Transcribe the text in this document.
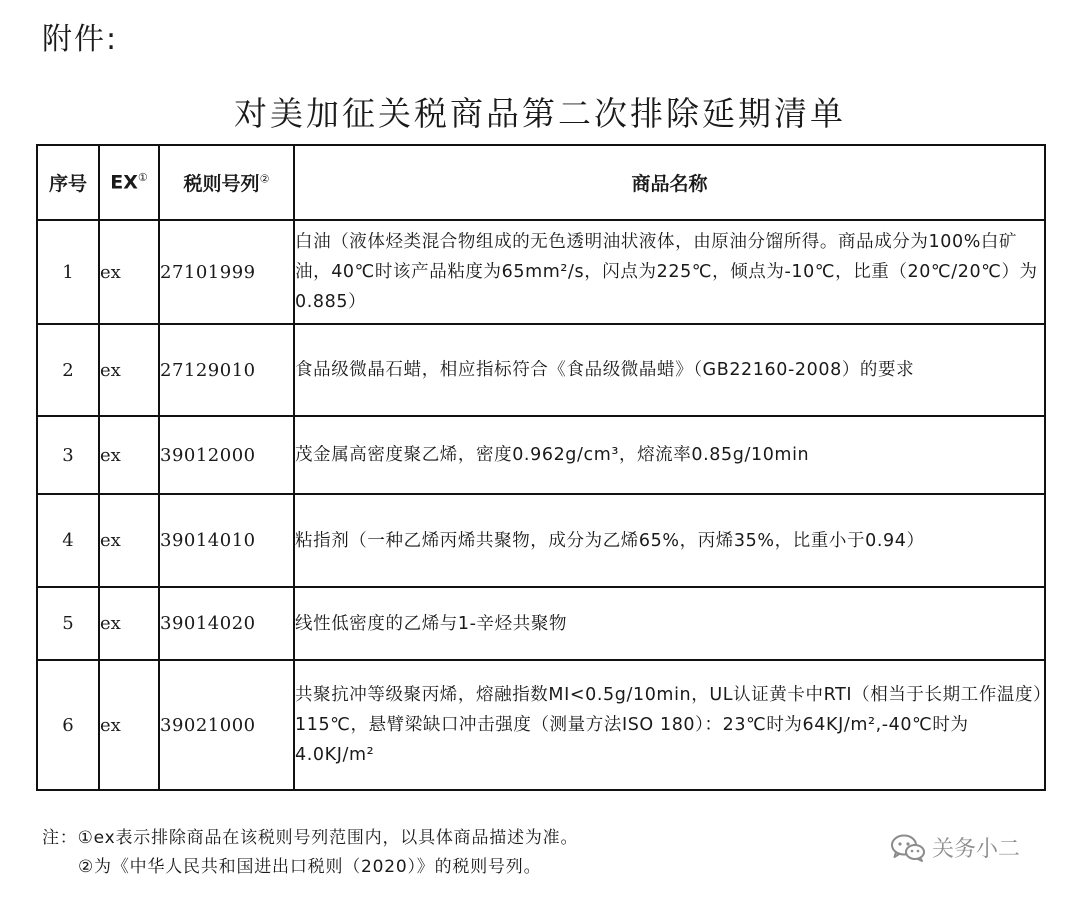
附件:
对美加征关税商品第二次排除延期清单
序号	EX①	税则号列②	商品名称
1	ex	27101999	白油（液体烃类混合物组成的无色透明油状液体，由原油分馏所得。商品成分为100%白矿油，40℃时该产品粘度为65mm²/s，闪点为225℃，倾点为-10℃，比重（20℃/20℃）为0.885）
2	ex	27129010	食品级微晶石蜡，相应指标符合《食品级微晶蜡》（GB22160-2008）的要求
3	ex	39012000	茂金属高密度聚乙烯，密度0.962g/cm³，熔流率0.85g/10min
4	ex	39014010	粘指剂（一种乙烯丙烯共聚物，成分为乙烯65%，丙烯35%，比重小于0.94）
5	ex	39014020	线性低密度的乙烯与1-辛烃共聚物
6	ex	39021000	共聚抗冲等级聚丙烯，熔融指数MI<0.5g/10min，UL认证黄卡中RTI（相当于长期工作温度）115℃，悬臂梁缺口冲击强度（测量方法ISO 180）：23℃时为64KJ/m²,-40℃时为4.0KJ/m²
注：①ex表示排除商品在该税则号列范围内，以具体商品描述为准。
②为《中华人民共和国进出口税则（2020）》的税则号列。
关务小二
